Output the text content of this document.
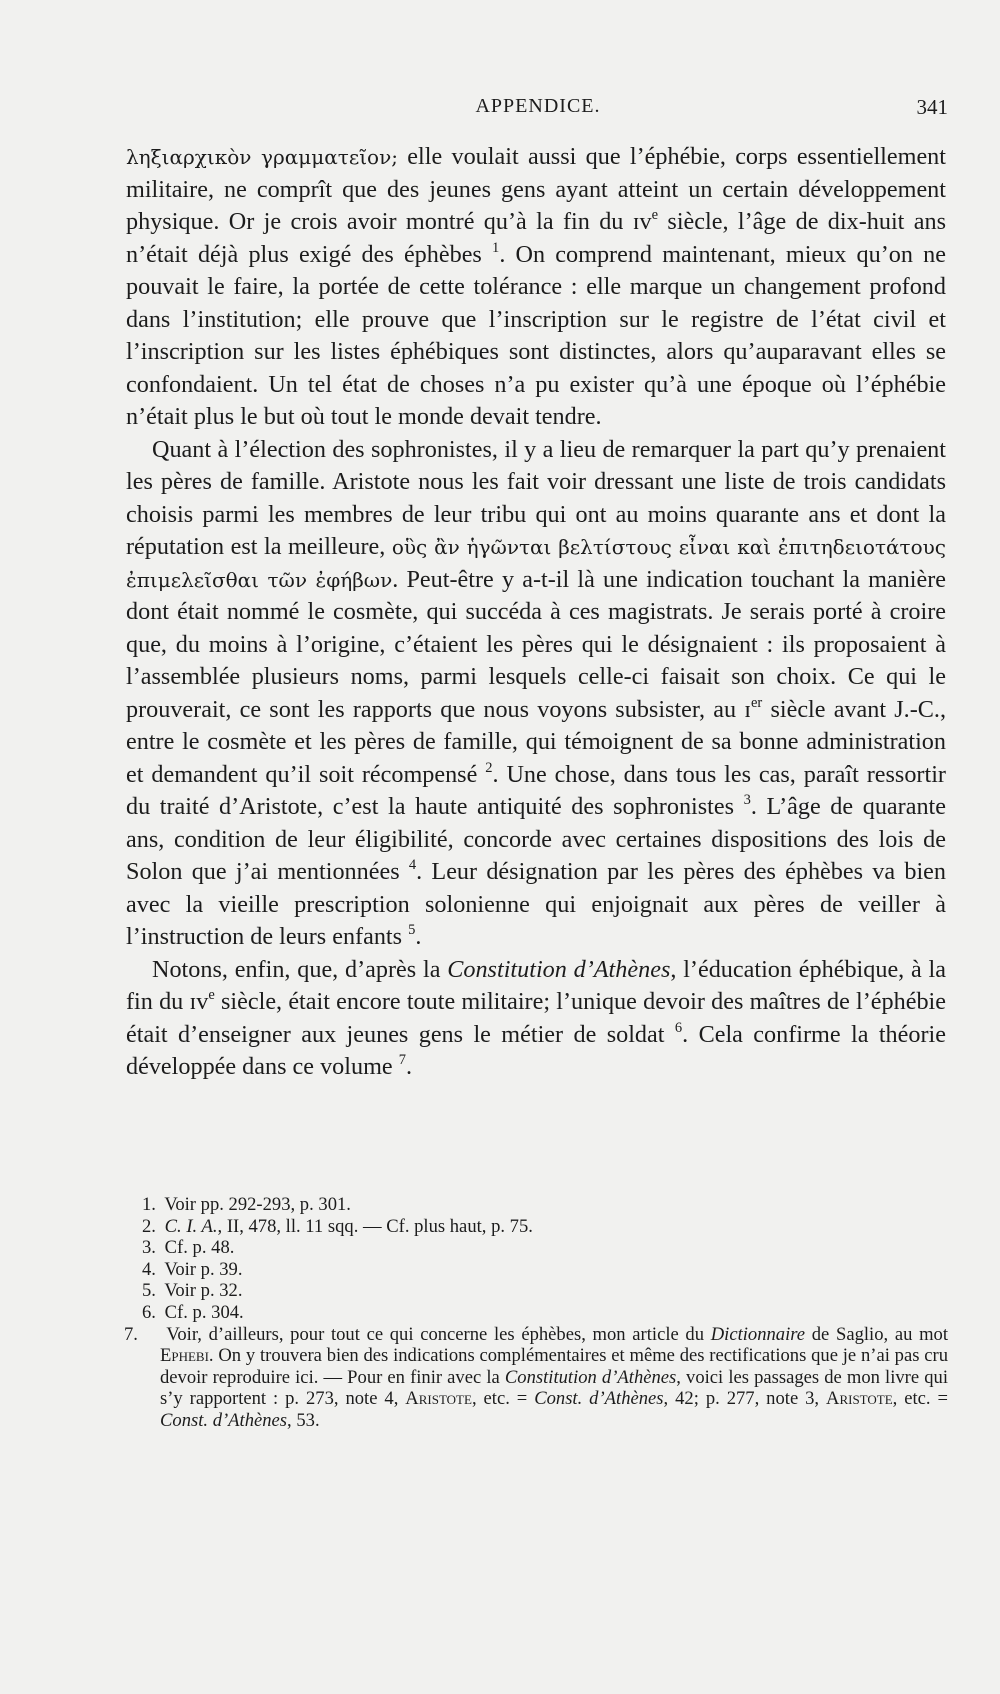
APPENDICE.	341

ληξιαρχικὸν γραμματεῖον; elle voulait aussi que l’éphébie, corps essentiellement militaire, ne comprît que des jeunes gens ayant atteint un certain développement physique. Or je crois avoir montré qu’à la fin du ɪv$^e$ siècle, l’âge de dix-huit ans n’était déjà plus exigé des éphèbes $^1$. On comprend maintenant, mieux qu’on ne pouvait le faire, la portée de cette tolérance : elle marque un changement profond dans l’institution; elle prouve que l’inscription sur le registre de l’état civil et l’inscription sur les listes éphébiques sont distinctes, alors qu’auparavant elles se confondaient. Un tel état de choses n’a pu exister qu’à une époque où l’éphébie n’était plus le but où tout le monde devait tendre.

Quant à l’élection des sophronistes, il y a lieu de remarquer la part qu’y prenaient les pères de famille. Aristote nous les fait voir dressant une liste de trois candidats choisis parmi les membres de leur tribu qui ont au moins quarante ans et dont la réputation est la meilleure, οὓς ἂν ἡγῶνται βελτίστους εἶναι καὶ ἐπιτηδειοτάτους ἐπιμελεῖσθαι τῶν ἐφήβων. Peut-être y a-t-il là une indication touchant la manière dont était nommé le cosmète, qui succéda à ces magistrats. Je serais porté à croire que, du moins à l’origine, c’étaient les pères qui le désignaient : ils proposaient à l’assemblée plusieurs noms, parmi lesquels celle-ci faisait son choix. Ce qui le prouverait, ce sont les rapports que nous voyons subsister, au ɪ$^{er}$ siècle avant J.-C., entre le cosmète et les pères de famille, qui témoignent de sa bonne administration et demandent qu’il soit récompensé $^2$. Une chose, dans tous les cas, paraît ressortir du traité d’Aristote, c’est la haute antiquité des sophronistes $^3$. L’âge de quarante ans, condition de leur éligibilité, concorde avec certaines dispositions des lois de Solon que j’ai mentionnées $^4$. Leur désignation par les pères des éphèbes va bien avec la vieille prescription solonienne qui enjoignait aux pères de veiller à l’instruction de leurs enfants $^5$.

Notons, enfin, que, d’après la Constitution d’Athènes, l’éducation éphébique, à la fin du ɪv$^e$ siècle, était encore toute militaire; l’unique devoir des maîtres de l’éphébie était d’enseigner aux jeunes gens le métier de soldat $^6$. Cela confirme la théorie développée dans ce volume $^7$.

1. Voir pp. 292-293, p. 301.

2. C. I. A., II, 478, ll. 11 sqq. — Cf. plus haut, p. 75.

3. Cf. p. 48.

4. Voir p. 39.

5. Voir p. 32.

6. Cf. p. 304.

7. Voir, d’ailleurs, pour tout ce qui concerne les éphèbes, mon article du Dictionnaire de Saglio, au mot Ephebi. On y trouvera bien des indications complémentaires et même des rectifications que je n’ai pas cru devoir reproduire ici. — Pour en finir avec la Constitution d’Athènes, voici les passages de mon livre qui s’y rapportent : p. 273, note 4, Aristote, etc. = Const. d’Athènes, 42; p. 277, note 3, Aristote, etc. = Const. d’Athènes, 53.
